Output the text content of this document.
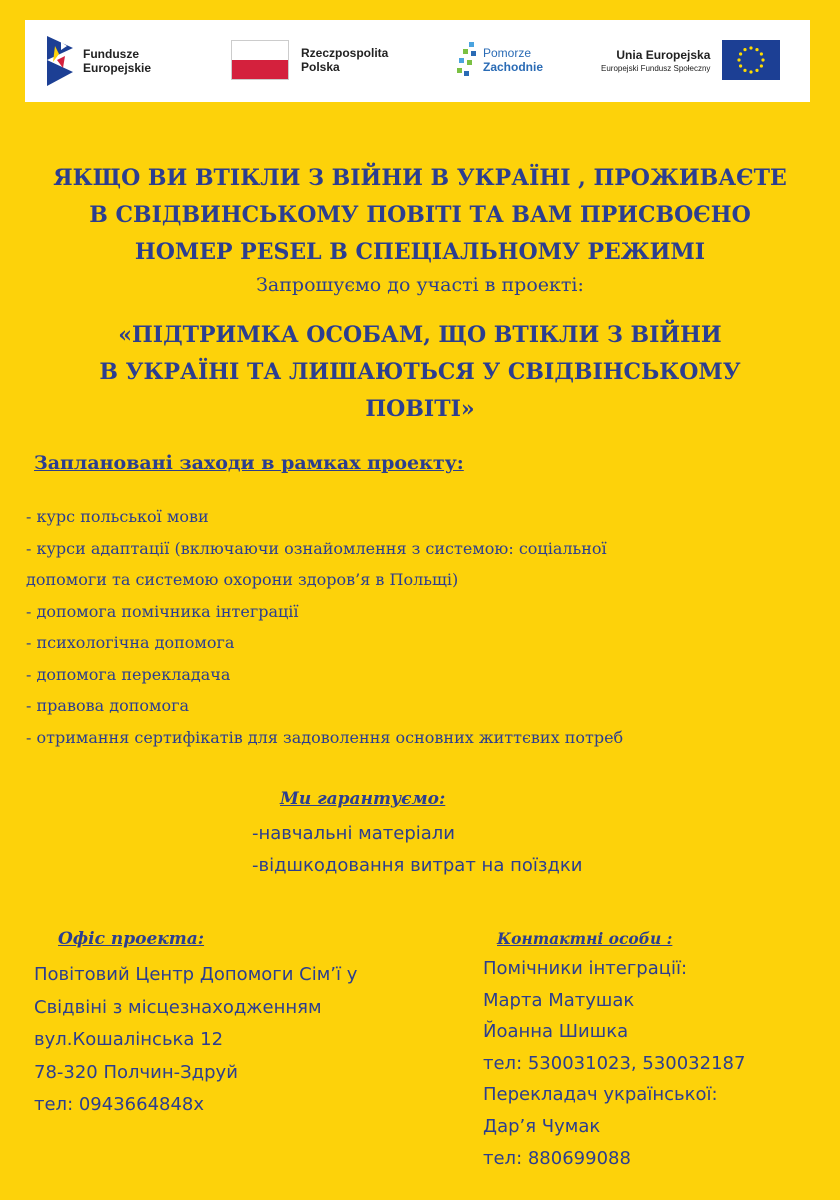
Fundusze
Europejskie
Rzeczpospolita
Polska
Pomorze
Zachodnie
Unia Europejska
Europejski Fundusz Społeczny
ЯКЩО ВИ ВТІКЛИ З ВІЙНИ В УКРАЇНІ , ПРОЖИВАЄТЕ
В СВІДВИНСЬКОМУ ПОВІТІ ТА ВАМ ПРИСВОЄНО
НОМЕР PESEL В СПЕЦІАЛЬНОМУ РЕЖИМІ
Запрошуємо до участі в проекті:
«ПІДТРИМКА ОСОБАМ, ЩО ВТІКЛИ З ВІЙНИ
В УКРАЇНІ ТА ЛИШАЮТЬСЯ У СВІДВІНСЬКОМУ
ПОВІТІ»
Заплановані заходи в рамках проекту:
- курс польської мови
- курси адаптації (включаючи ознайомлення з системою: соціальної
допомоги та системою охорони здоров’я в Польщі)
- допомога помічника інтеграції
- психологічна допомога
- допомога перекладача
- правова допомога
- отримання сертифікатів для задоволення основних життєвих потреб
Ми гарантуємо:
-навчальні матеріали
-відшкодовання витрат на поїздки
Офіс проекта:
Повітовий Центр Допомоги Сім’ї у
Свідвіні з місцезнаходженням
вул.Кошалінська 12
78-320 Полчин-Здруй
тел: 0943664848х
Контактні особи :
Помічники інтеграції:
Марта Матушак
Йоанна Шишка
тел: 530031023, 530032187
Перекладач української:
Дар’я Чумак
тел: 880699088
